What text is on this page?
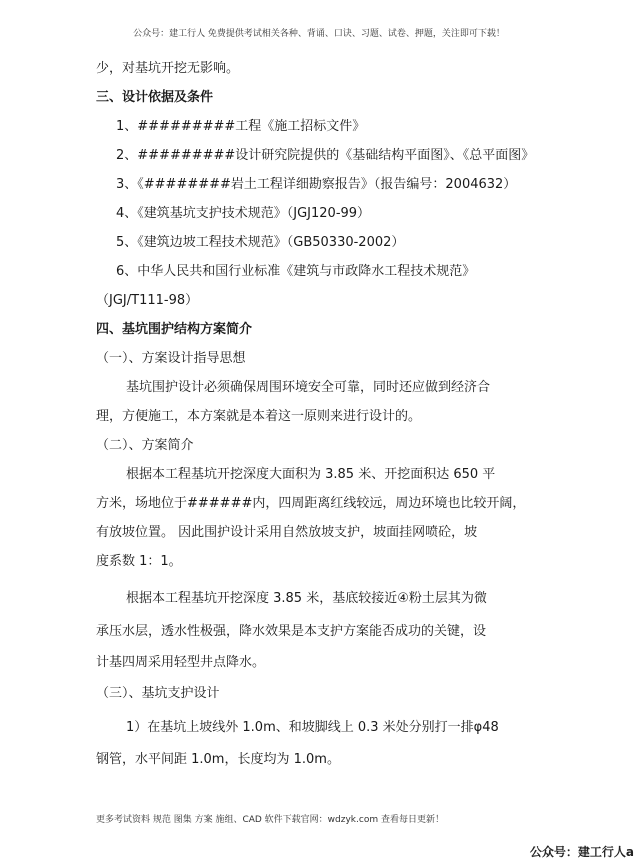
公众号：建工行人 免费提供考试相关各种、背诵、口诀、习题、试卷、押题，关注即可下载！
少，对基坑开挖无影响。
三、设计依据及条件
1、#########工程《施工招标文件》
2、#########设计研究院提供的《基础结构平面图》、《总平面图》
3、《########岩土工程详细勘察报告》（报告编号：2004632）
4、《建筑基坑支护技术规范》（JGJ120-99）
5、《建筑边坡工程技术规范》（GB50330-2002）
6、中华人民共和国行业标准《建筑与市政降水工程技术规范》
（JGJ/T111-98）
四、基坑围护结构方案简介
（一）、方案设计指导思想
基坑围护设计必须确保周围环境安全可靠，同时还应做到经济合
理，方便施工，本方案就是本着这一原则来进行设计的。
（二）、方案简介
根据本工程基坑开挖深度大面积为 3.85 米、开挖面积达 650 平
方米，场地位于######内，四周距离红线较远，周边环境也比较开阔，
有放坡位置。 因此围护设计采用自然放坡支护，坡面挂网喷砼，坡
度系数 1：1。
根据本工程基坑开挖深度 3.85 米，基底较接近④粉土层其为微
承压水层，透水性极强，降水效果是本支护方案能否成功的关键，设
计基四周采用轻型井点降水。
（三）、基坑支护设计
1）在基坑上坡线外 1.0m、和坡脚线上 0.3 米处分别打一排φ48
钢管，水平间距 1.0m，长度均为 1.0m。
更多考试资料 规范 图集 方案 施组、CAD 软件下载官网：wdzyk.com 查看每日更新！
公众号：建工行人a
